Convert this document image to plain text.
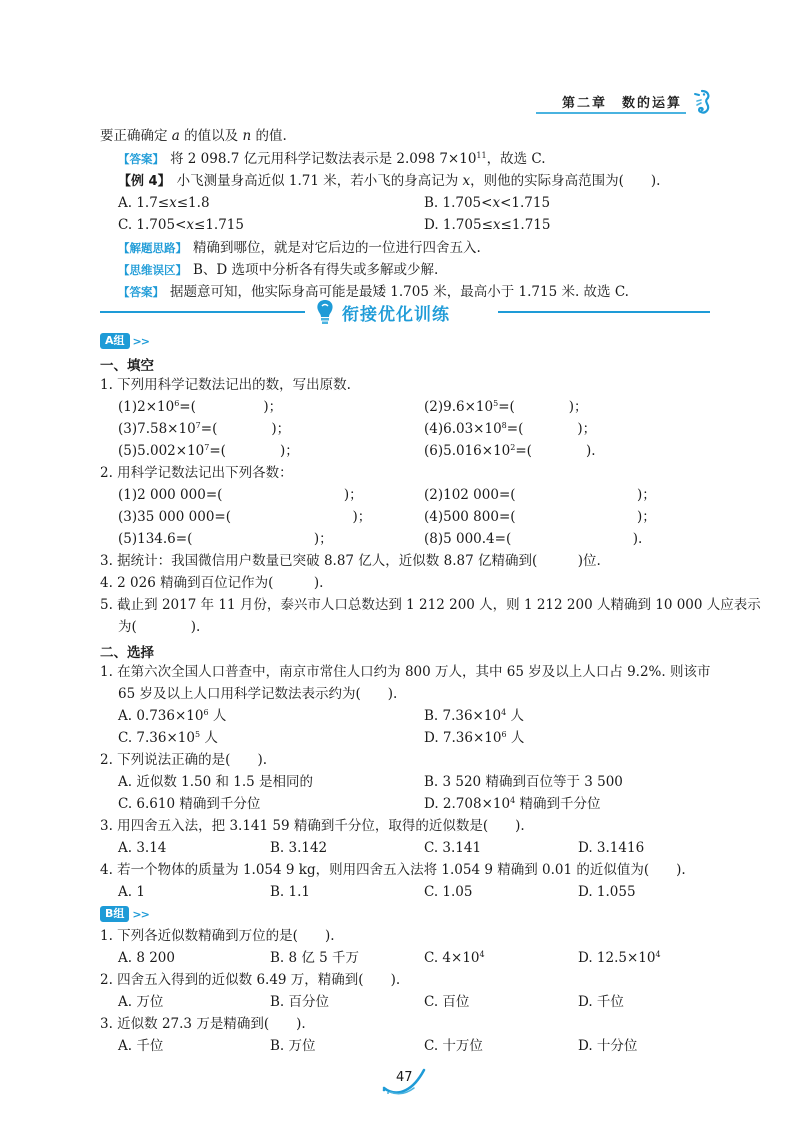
第二章　数的运算
要正确确定 a 的值以及 n 的值.
【答案】 将 2 098.7 亿元用科学记数法表示是 2.098 $7\times 10^{11}$，故选 C.
【例 4】 小飞测量身高近似 1.71 米，若小飞的身高记为 x，则他的实际身高范围为(　　).
A. 1.7≤x≤1.8	B. 1.705<x<1.715
C. 1.705<x≤1.715	D. 1.705≤x≤1.715
【解题思路】 精确到哪位，就是对它后边的一位进行四舍五入.
【思维误区】 B、D 选项中分析各有得失或多解或少解.
【答案】 据题意可知，他实际身高可能是最矮 1.705 米，最高小于 1.715 米. 故选 C.
衔接优化训练
A组 >>
一、填空
1. 下列用科学记数法记出的数，写出原数.
$(1)2\times 10^6=$(　　　　　)；	$(2)9.6\times 10^5=$(　　　　)；
$(3)7.58\times 10^7=$(　　　　)；	$(4)6.03\times 10^8=$(　　　　)；
$(5)5.002\times 10^7=$(　　　　)；	$(6)5.016\times 10^2=$(　　　　).
2. 用科学记数法记出下列各数：
(1)2 000 000=(　　　　　　　　　)；	(2)102 000=(　　　　　　　　　)；
(3)35 000 000=(　　　　　　　　　)；	(4)500 800=(　　　　　　　　　)；
(5)134.6=(　　　　　　　　　)；	(8)5 000.4=(　　　　　　　　　).
3. 据统计：我国微信用户数量已突破 8.87 亿人，近似数 8.87 亿精确到(　　　)位.
4. 2 026 精确到百位记作为(　　　).
5. 截止到 2017 年 11 月份，泰兴市人口总数达到 1 212 200 人，则 1 212 200 人精确到 10 000 人应表示
为(　　　　).
二、选择
1. 在第六次全国人口普查中，南京市常住人口约为 800 万人，其中 65 岁及以上人口占 9.2%. 则该市
65 岁及以上人口用科学记数法表示约为(　　).
A. $0.736\times 10^6$ 人	B. $7.36\times 10^4$ 人
C. $7.36\times 10^5$ 人	D. $7.36\times 10^6$ 人
2. 下列说法正确的是(　　).
A. 近似数 1.50 和 1.5 是相同的	B. 3 520 精确到百位等于 3 500
C. 6.610 精确到千分位	D. $2.708\times 10^4$ 精确到千分位
3. 用四舍五入法，把 3.141 59 精确到千分位，取得的近似数是(　　).
A. 3.14	B. 3.142	C. 3.141	D. 3.1416
4. 若一个物体的质量为 1.054 9 kg，则用四舍五入法将 1.054 9 精确到 0.01 的近似值为(　　).
A. 1	B. 1.1	C. 1.05	D. 1.055
B组 >>
1. 下列各近似数精确到万位的是(　　).
A. 8 200	B. 8 亿 5 千万	C. $4\times 10^4$	D. $12.5\times 10^4$
2. 四舍五入得到的近似数 6.49 万，精确到(　　).
A. 万位	B. 百分位	C. 百位	D. 千位
3. 近似数 27.3 万是精确到(　　).
A. 千位	B. 万位	C. 十万位	D. 十分位
47
